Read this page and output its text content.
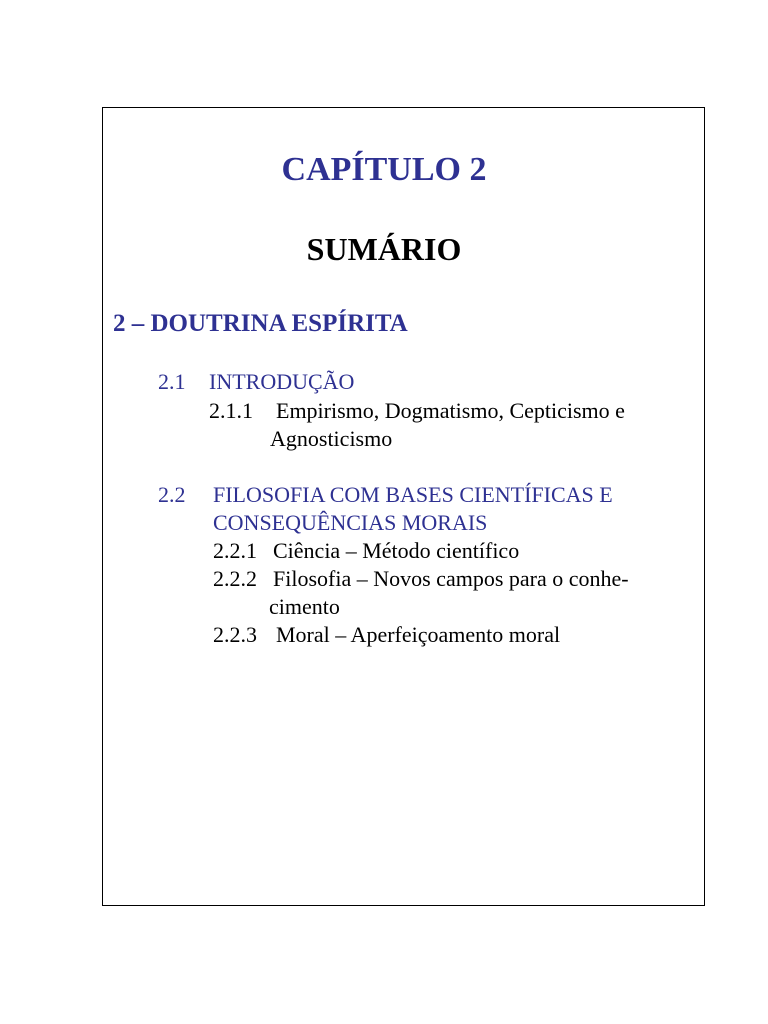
CAPÍTULO 2
SUMÁRIO
2 – DOUTRINA ESPÍRITA
2.1 INTRODUÇÃO
2.1.1 Empirismo, Dogmatismo, Cepticismo e
Agnosticismo
2.2 FILOSOFIA COM BASES CIENTÍFICAS E
CONSEQUÊNCIAS MORAIS
2.2.1 Ciência – Método científico
2.2.2 Filosofia – Novos campos para o conhe-
cimento
2.2.3 Moral – Aperfeiçoamento moral
